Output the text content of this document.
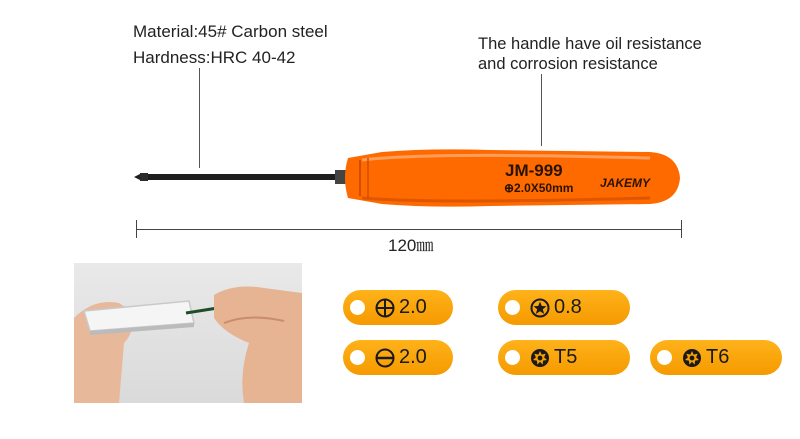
Material:45# Carbon steel
Hardness:HRC 40-42
The handle have oil resistance
and corrosion resistance
JM-999
⊕2.0X50mm JAKEMY
120㎜
2.0	0.8
2.0	T5	T6
